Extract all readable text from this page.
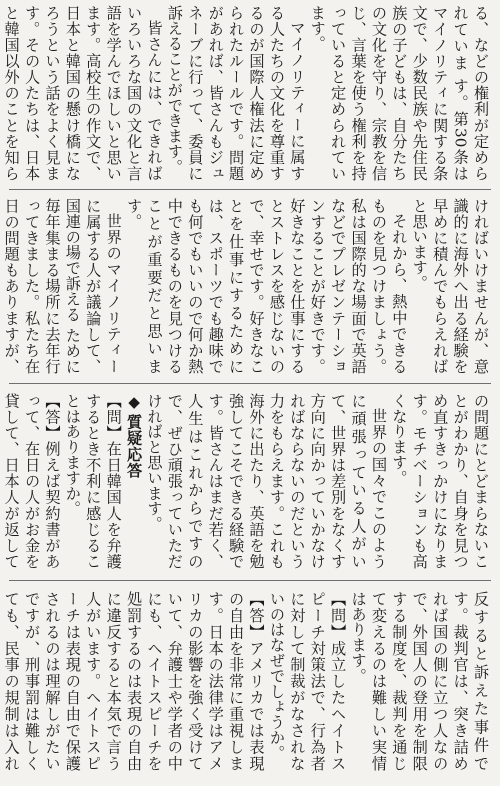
る、などの権利が定められていま す。第30条はマイノリティに関する条文で、少数民族や先住民族の子どもは、自分たちの文化を守り、宗教を信じ、言葉を使う権利を持っていると定められています。

マイノリティーに属する人たちの文化を尊重するのが国際人権法に定められたルールです。問題があれば、皆さんもジュネーブに行って、委員に訴えることができます。

皆さんには、できればいろいろな国の文化と言語を学んでほしいと思います。高校生の作文で、日本と韓国の懸け橋になろうという話をよく見ます。その人たちは、日本と韓国以外のことを知ら

ければいけませんが、意識的に海外へ出る経験を早めに積んでもらえればと思います。

それから、熱中できるものを見つけましょう。私は国際的な場面で英語などでプレゼンテーションすることが好きです。好きなことを仕事にするとストレスを感じないので、幸せです。好きなことを仕事にするためには、スポーツでも趣味でも何でもいいので何か熱中できるものを見つけることが重要だと思います。

世界のマイノリティーに属する人が議論して、国連の場で訴える ために毎年集まる場所に去年行ってきました。私たち在日の問題もありますが、

の問題にとどまらないことがわかり、自身を見つめ直すきっかけになります。モチベーションも高くなります。

世界の国々でこのように頑張っている人がいて、世界は差別をなくす方向に向かっていかなければならないのだという力をもらえます。これも海外に出たり、英語を勉強してこそできる経験です。皆さんはまだ若く、人生はこれからですので、ぜひ頑張っていただければと思います。

◆質疑応答

【問】在日韓国人を弁護するとき不利に感じることはありますか。

【答】例えば契約書があって、在日の人がお金を貸して、日本人が返して

反すると訴えた事件です。裁判官は、突き詰めれば国の側に立つ人なので、外国人の登用を制限する制度を、裁判を通じて変えるのは難しい実情はあります。

【問】成立したヘイトスピーチ対策法で、行為者に対して制裁がなされないのはなぜでしょうか。

【答】アメリカでは表現の自由を非常に重視します。日本の法律学はアメリカの影響を強く受けていて、弁護士や学者の中にも、ヘイトスピーチを処罰するのは表現の自由に違反すると本気で言う人がいます。ヘイトスピーチは表現の自由で保護されるのは理解しがたいですが、刑事罰は難しくても、民事の規制は入れ
